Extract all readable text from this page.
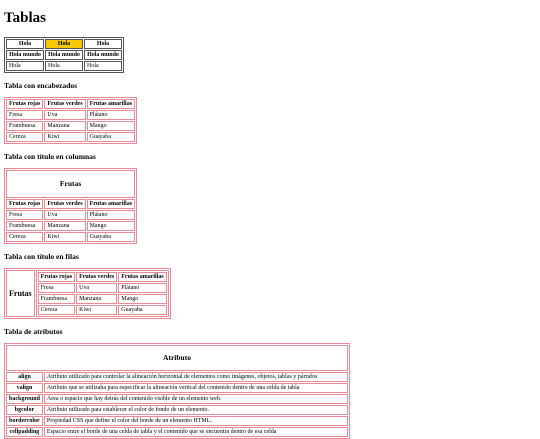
Tablas
Hola	Hola	Hola
Hola mundo	Hola mundo	Hola mundo
Hola	Hola	Hola
Tabla con encabezados
Frutas rojas	Frutas verdes	Frutas amarillas
Fresa	Uva	Plátano
Frambuesa	Manzana	Mango
Cereza	Kiwi	Guayaba
Tabla con título en columnas
Frutas		
Frutas rojas	Frutas verdes	Frutas amarillas
Fresa	Uva	Plátano
Frambuesa	Manzana	Mango
Cereza	Kiwi	Guayaba
Tabla con título en filas
Frutas	
Frutas rojas	Frutas verdes	Frutas amarillas
Fresa	Uva	Plátano
Frambuesa	Manzana	Mango
Cereza	Kiwi	Guayaba
Tabla de atributos
Atributo	
align	Atributo utilizado para controlar la alineación horizontal de elementos como imágenes, objetos, tablas y párrafos
valign	Atributo que se utilizaba para especificar la alineación vertical del contenido dentro de una celda de tabla
background	Área o espacio que hay detrás del contenido visible de un elemento web.
bgcolor	Atributo utilizado para establecer el color de fondo de un elemento.
bordercolor	Propiedad CSS que define el color del borde de un elemento HTML.
cellpadding	Espacio entre el borde de una celda de tabla y el contenido que se encuentra dentro de esa celda
